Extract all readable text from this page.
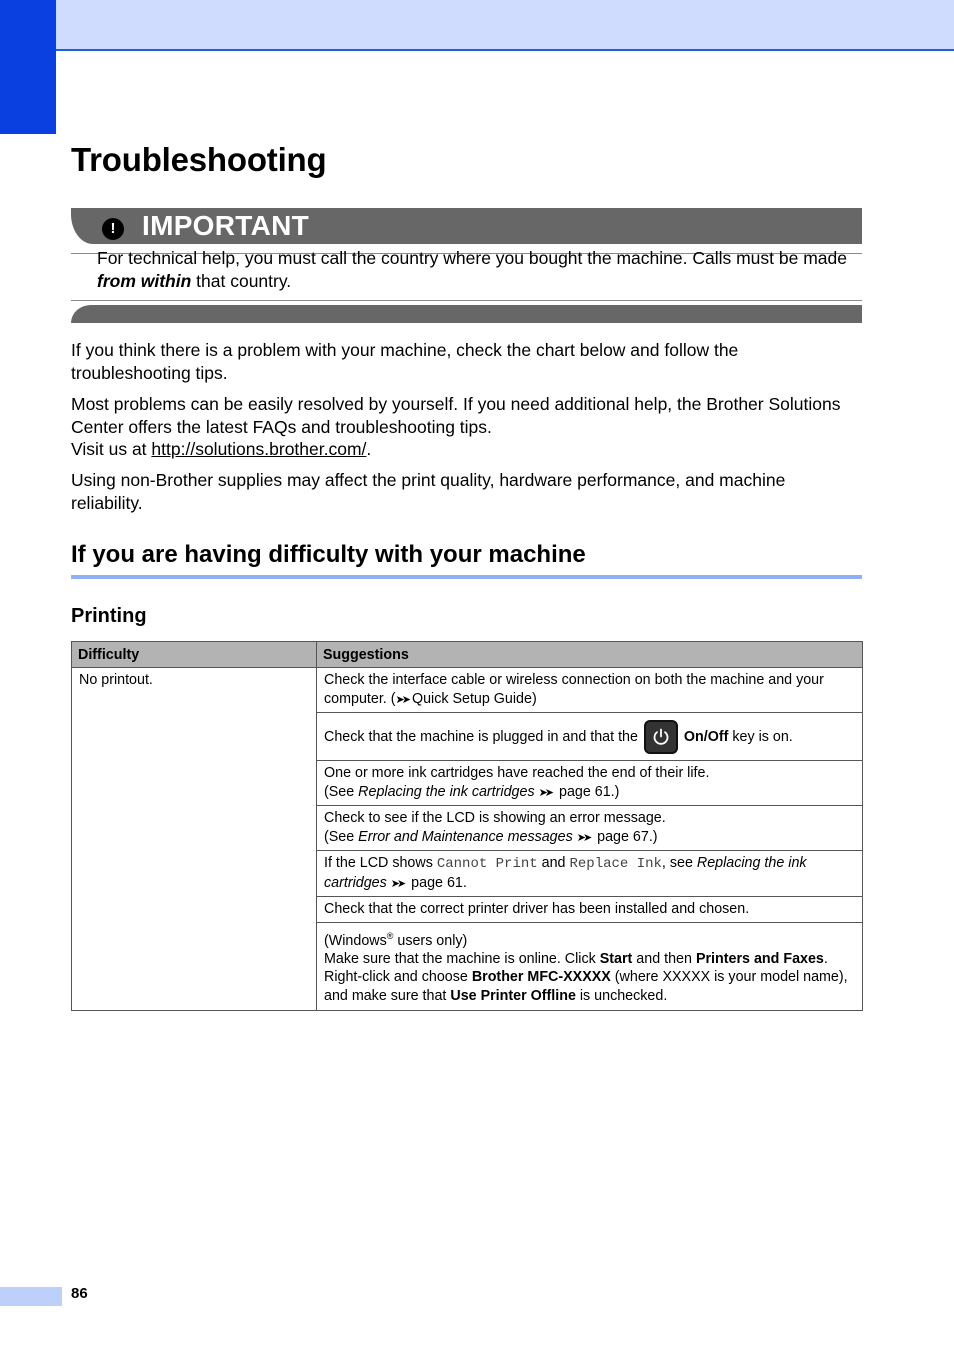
Troubleshooting
! IMPORTANT

For technical help, you must call the country where you bought the machine. Calls must be made from within that country.

If you think there is a problem with your machine, check the chart below and follow the troubleshooting tips.

Most problems can be easily resolved by yourself. If you need additional help, the Brother Solutions Center offers the latest FAQs and troubleshooting tips.
Visit us at http://solutions.brother.com/.

Using non-Brother supplies may affect the print quality, hardware performance, and machine reliability.

If you are having difficulty with your machine
Printing
Difficulty	Suggestions
No printout.	Check the interface cable or wireless connection on both the machine and your computer. (➤➤ Quick Setup Guide)
	Check that the machine is plugged in and that the On/Off key is on.
	One or more ink cartridges have reached the end of their life.
(See Replacing the ink cartridges ➤➤ page 61.)
	Check to see if the LCD is showing an error message.
(See Error and Maintenance messages ➤➤ page 67.)
	If the LCD shows Cannot Print and Replace Ink, see Replacing the ink cartridges ➤➤ page 61.
	Check that the correct printer driver has been installed and chosen.
	(Windows® users only)
Make sure that the machine is online. Click Start and then Printers and Faxes.
Right-click and choose Brother MFC-XXXXX (where XXXXX is your model name), and make sure that Use Printer Offline is unchecked.
86
